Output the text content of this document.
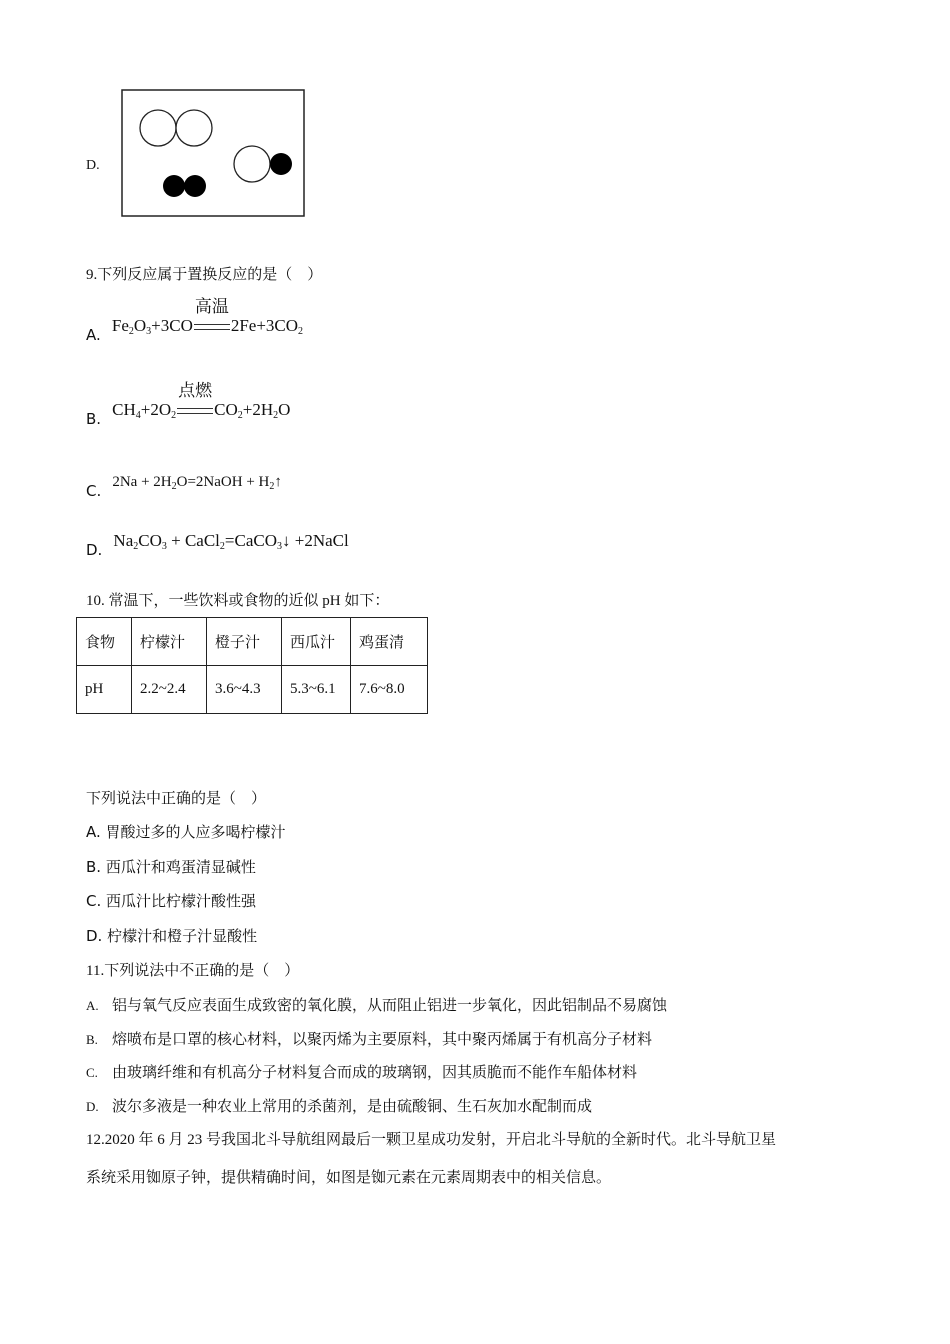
D.
9.下列反应属于置换反应的是（　）
A. $Fe_2O_3+3CO$
高温
$2Fe+3CO_2$
B. $CH_4+2O_2$
点燃
$CO_2+2H_2O$
C. $2Na + 2H_2O=2NaOH$ + $H_2↑$
D. $Na_2CO_3$ + CaCl$_2$=CaCO$_3$↓ +2NaCl
10. 常温下，一些饮料或食物的近似 pH 如下：
食物	柠檬汁	橙子汁	西瓜汁	鸡蛋清
pH	2.2~2.4	3.6~4.3	5.3~6.1	7.6~8.0
下列说法中正确的是（　）
A. 胃酸过多的人应多喝柠檬汁
B. 西瓜汁和鸡蛋清显碱性
C. 西瓜汁比柠檬汁酸性强
D. 柠檬汁和橙子汁显酸性
11.下列说法中不正确的是（　）
A. 铝与氧气反应表面生成致密的氧化膜，从而阻止铝进一步氧化，因此铝制品不易腐蚀
B. 熔喷布是口罩的核心材料，以聚丙烯为主要原料，其中聚丙烯属于有机高分子材料
C. 由玻璃纤维和有机高分子材料复合而成的玻璃钢，因其质脆而不能作车船体材料
D. 波尔多液是一种农业上常用的杀菌剂，是由硫酸铜、生石灰加水配制而成
12.2020 年 6 月 23 号我国北斗导航组网最后一颗卫星成功发射，开启北斗导航的全新时代。北斗导航卫星
系统采用铷原子钟，提供精确时间，如图是铷元素在元素周期表中的相关信息。
